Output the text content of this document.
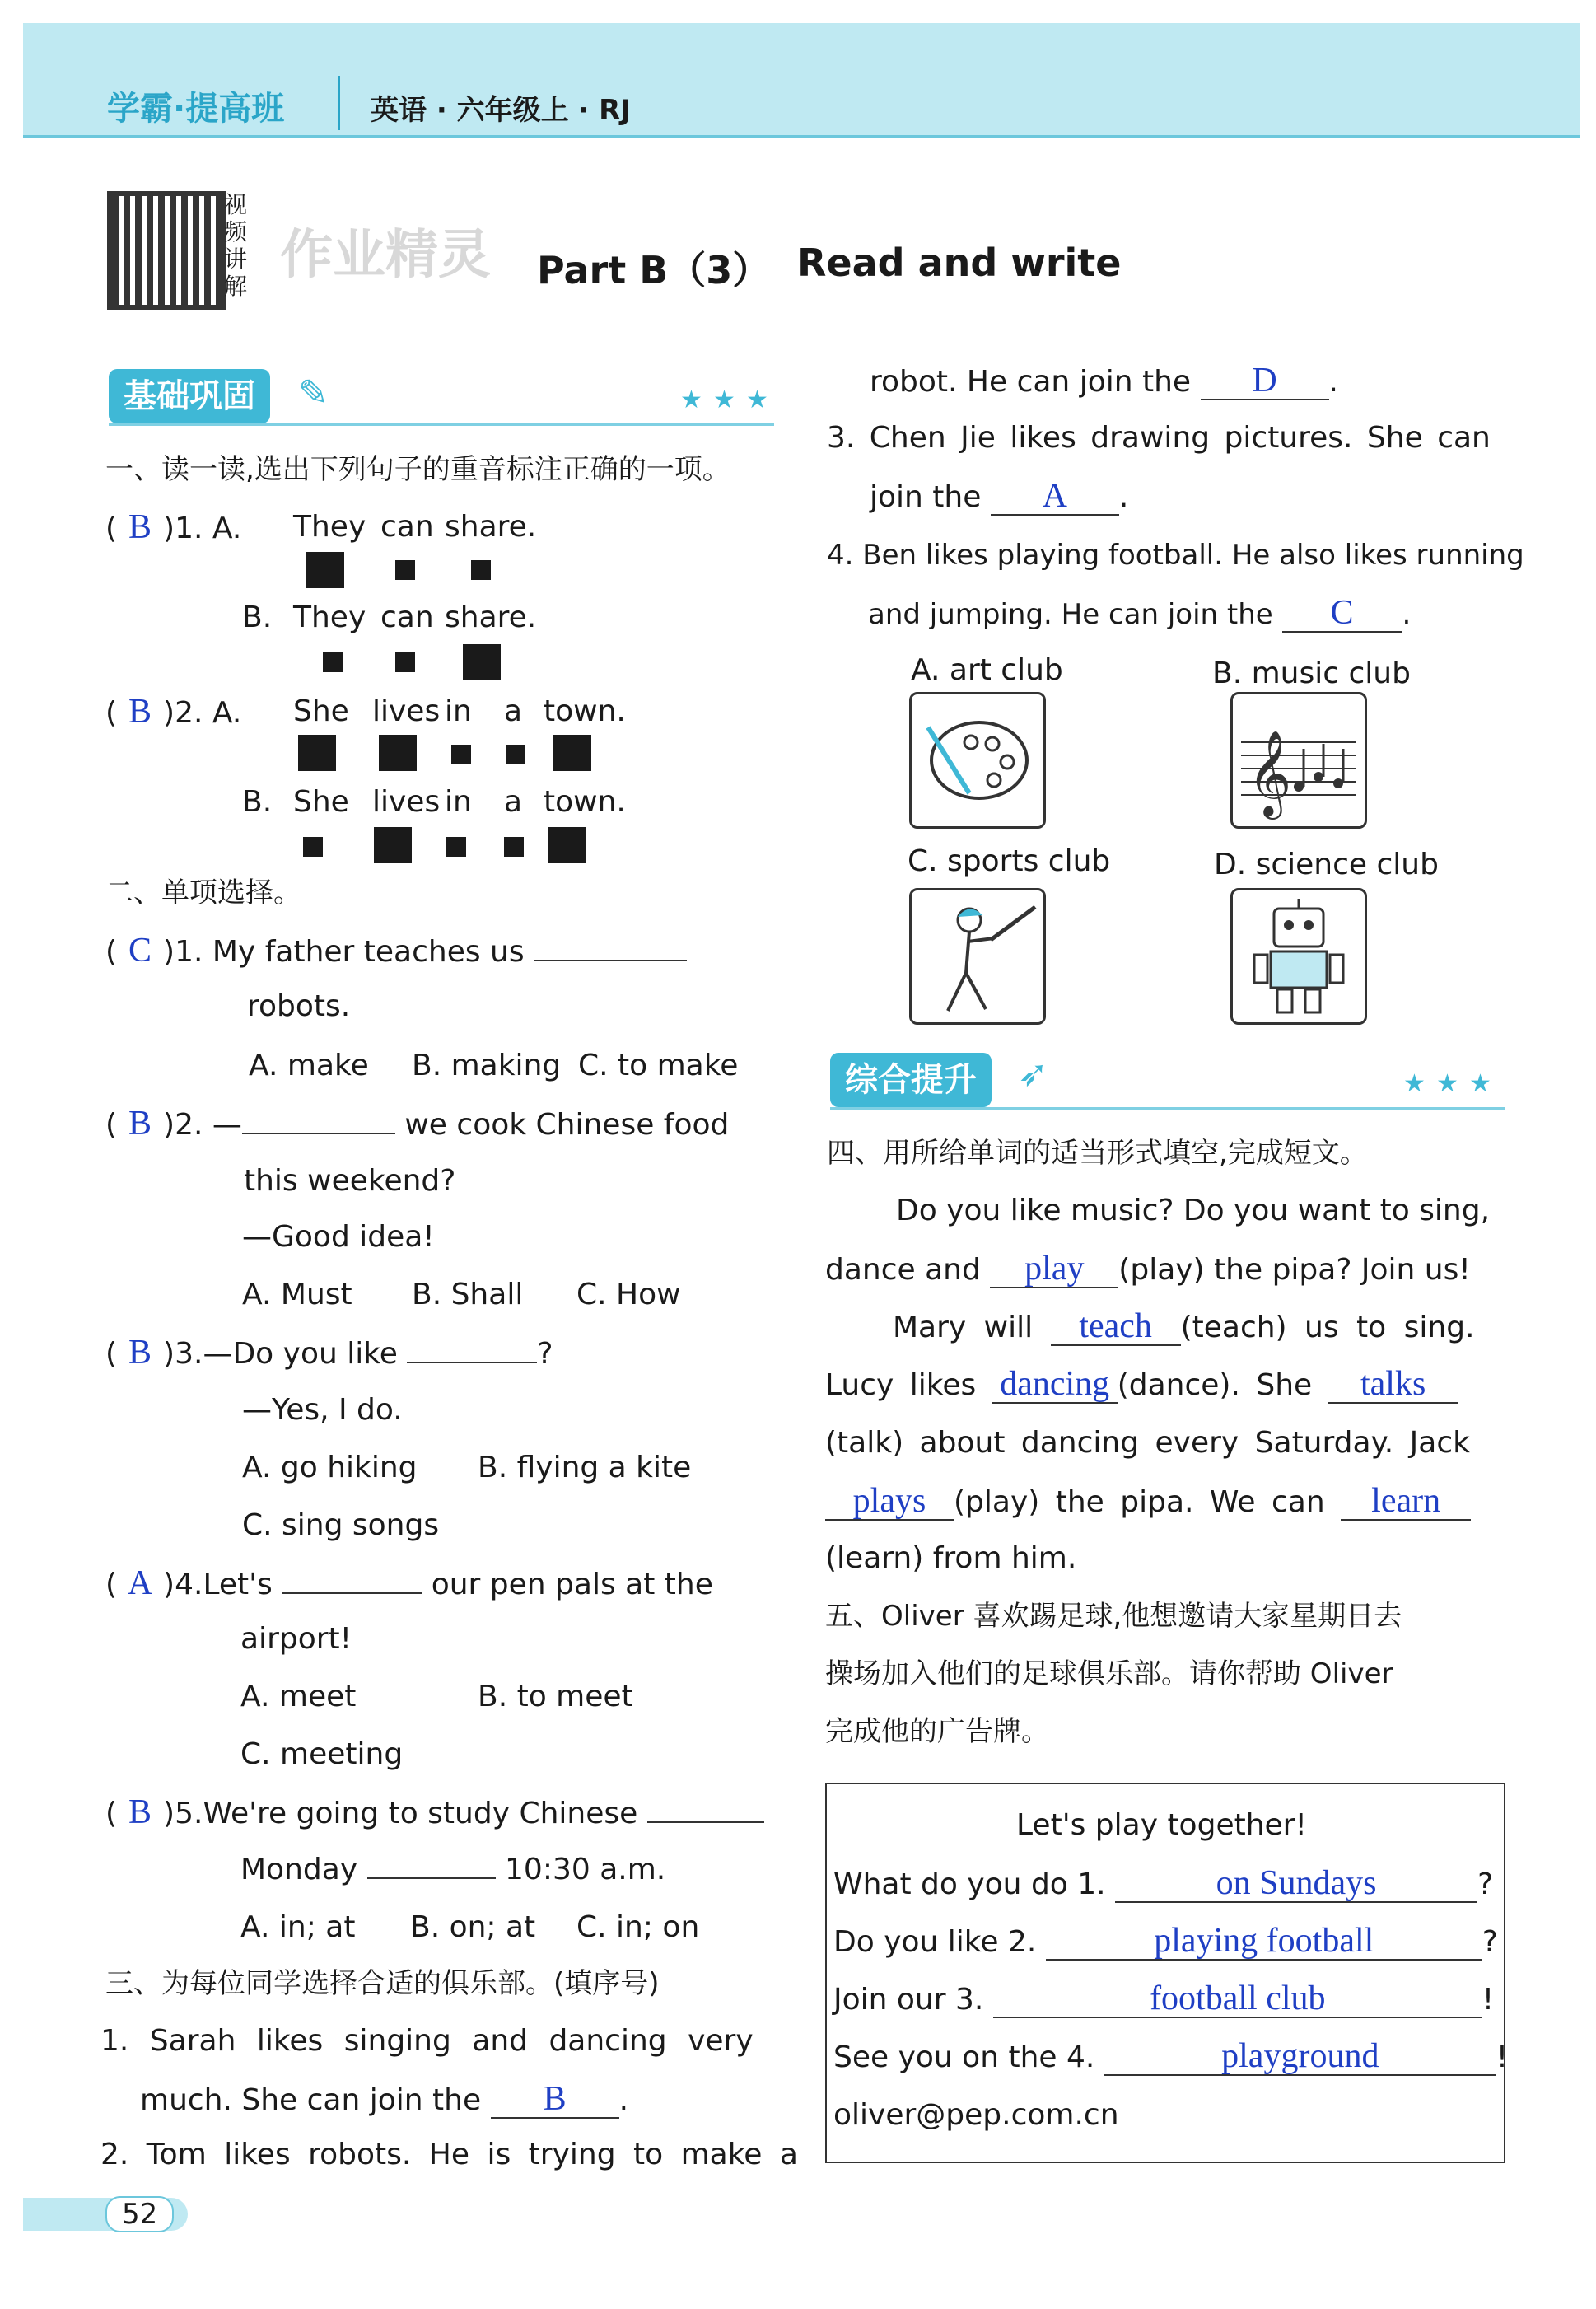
学霸·提高班	英语 · 六年级上 · RJ
视
频
讲
解
作业精灵 Part B（3） Read and write
基础巩固	✎	★ ★ ★
一、读一读,选出下列句子的重音标注正确的一项。
( B )1. A. They can share.
B. They can share.
( B )2. A. She lives in a town.
B. She lives in a town.
二、单项选择。
( C )1. My father teaches us
robots.
A. make B. making C. to make
( B )2. —	we cook Chinese food
this weekend?
—Good idea!
A. Must B. Shall C. How
( B )3.—Do you like	?
—Yes, I do.
A. go hiking B. flying a kite
C. sing songs
( A )4.Let's	our pen pals at the
airport!
A. meet	B. to meet
C. meeting
( B )5.We're going to study Chinese
Monday	10:30 a.m.
A. in; at B. on; at C. in; on
三、为每位同学选择合适的俱乐部。(填序号)
1. Sarah likes singing and dancing very
much. She can join the B .
2. Tom likes robots. He is trying to make a
robot. He can join the D .
3. Chen Jie likes drawing pictures. She can
join the A .
4. Ben likes playing football. He also likes running
and jumping. He can join the C .
A. art club	B. music club
𝄞
C. sports club	D. science club
综合提升	➶	★ ★ ★
四、用所给单词的适当形式填空,完成短文。
Do you like music? Do you want to sing,
dance and play (play) the pipa? Join us!
Mary will teach (teach) us to sing.
Lucy likes dancing (dance). She talks
(talk) about dancing every Saturday. Jack
plays (play) the pipa. We can learn
(learn) from him.
五、Oliver 喜欢踢足球,他想邀请大家星期日去
操场加入他们的足球俱乐部。请你帮助 Oliver
完成他的广告牌。
Let's play together!
What do you do 1.	on Sundays	?
Do you like 2.	playing football	?
Join our 3.	football club	!
See you on the 4.	playground	!
oliver@pep.com.cn
52
